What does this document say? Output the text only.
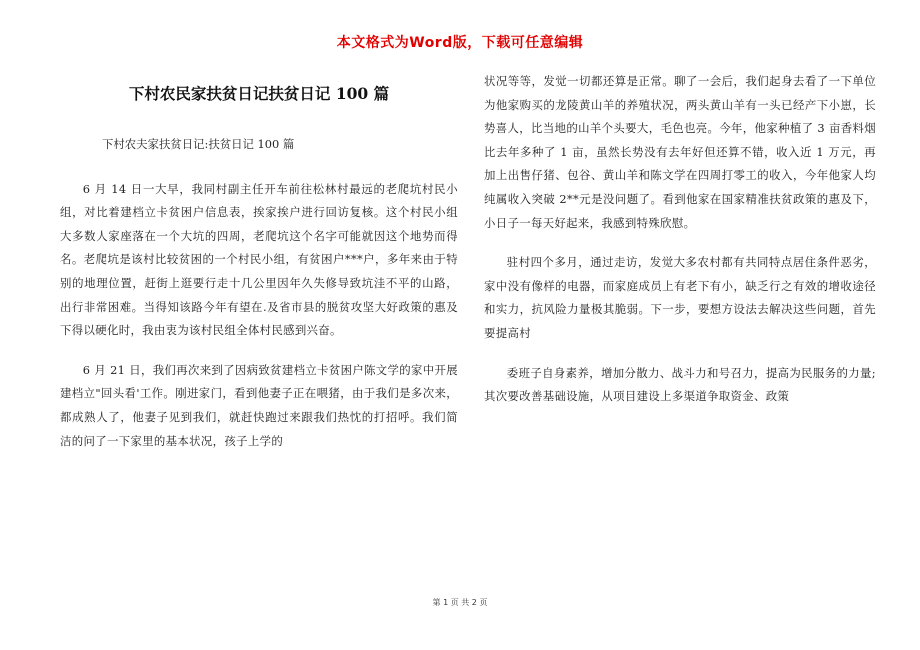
本文格式为Word版，下载可任意编辑
下村农民家扶贫日记扶贫日记 100 篇
下村农夫家扶贫日记:扶贫日记 100 篇

6 月 14 日一大早，我同村副主任开车前往松林村最远的老爬坑村民小组，对比着建档立卡贫困户信息表，挨家挨户进行回访复核。这个村民小组大多数人家座落在一个大坑的四周，老爬坑这个名字可能就因这个地势而得名。老爬坑是该村比较贫困的一个村民小组，有贫困户***户，多年来由于特别的地理位置，赶街上逛要行走十几公里因年久失修导致坑洼不平的山路，出行非常困难。当得知该路今年有望在.及省市县的脱贫攻坚大好政策的惠及下得以硬化时，我由衷为该村民组全体村民感到兴奋。

6 月 21 日，我们再次来到了因病致贫建档立卡贫困户陈文学的家中开展建档立"回头看'工作。刚进家门，看到他妻子正在喂猪，由于我们是多次来，都成熟人了，他妻子见到我们，就赶快跑过来跟我们热忱的打招呼。我们简洁的问了一下家里的基本状况，孩子上学的

状况等等，发觉一切都还算是正常。聊了一会后，我们起身去看了一下单位为他家购买的龙陵黄山羊的养殖状况，两头黄山羊有一头已经产下小崽，长势喜人，比当地的山羊个头要大，毛色也亮。今年，他家种植了 3 亩香料烟比去年多种了 1 亩，虽然长势没有去年好但还算不错，收入近 1 万元，再加上出售仔猪、包谷、黄山羊和陈文学在四周打零工的收入，今年他家人均纯属收入突破 2**元是没问题了。看到他家在国家精准扶贫政策的惠及下，小日子一每天好起来，我感到特殊欣慰。

驻村四个多月，通过走访，发觉大多农村都有共同特点居住条件恶劣，家中没有像样的电器，而家庭成员上有老下有小，缺乏行之有效的增收途径和实力，抗风险力量极其脆弱。下一步，要想方设法去解决这些问题，首先要提高村

委班子自身素养，增加分散力、战斗力和号召力，提高为民服务的力量;其次要改善基础设施，从项目建设上多渠道争取资金、政策

第 1 页 共 2 页
